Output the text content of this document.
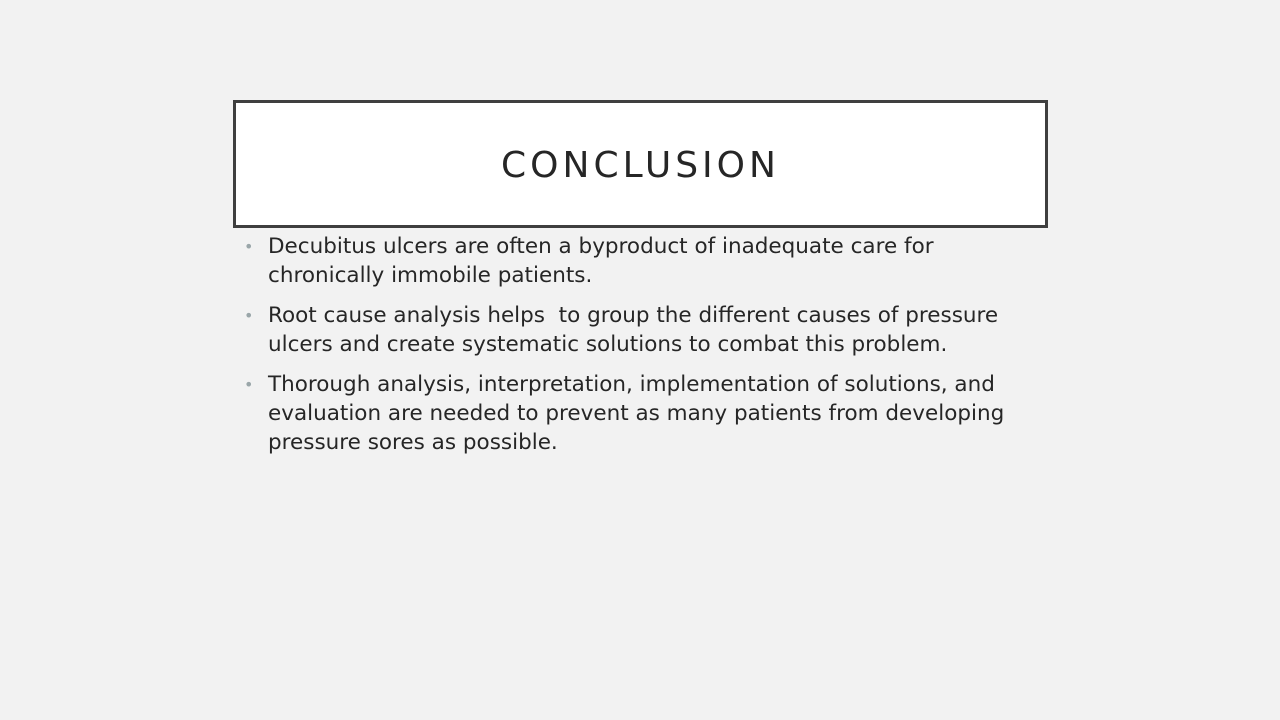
CONCLUSION
• Decubitus ulcers are often a byproduct of inadequate care for chronically immobile patients.
• Root cause analysis helps  to group the different causes of pressure ulcers and create systematic solutions to combat this problem.
• Thorough analysis, interpretation, implementation of solutions, and evaluation are needed to prevent as many patients from developing pressure sores as possible.
